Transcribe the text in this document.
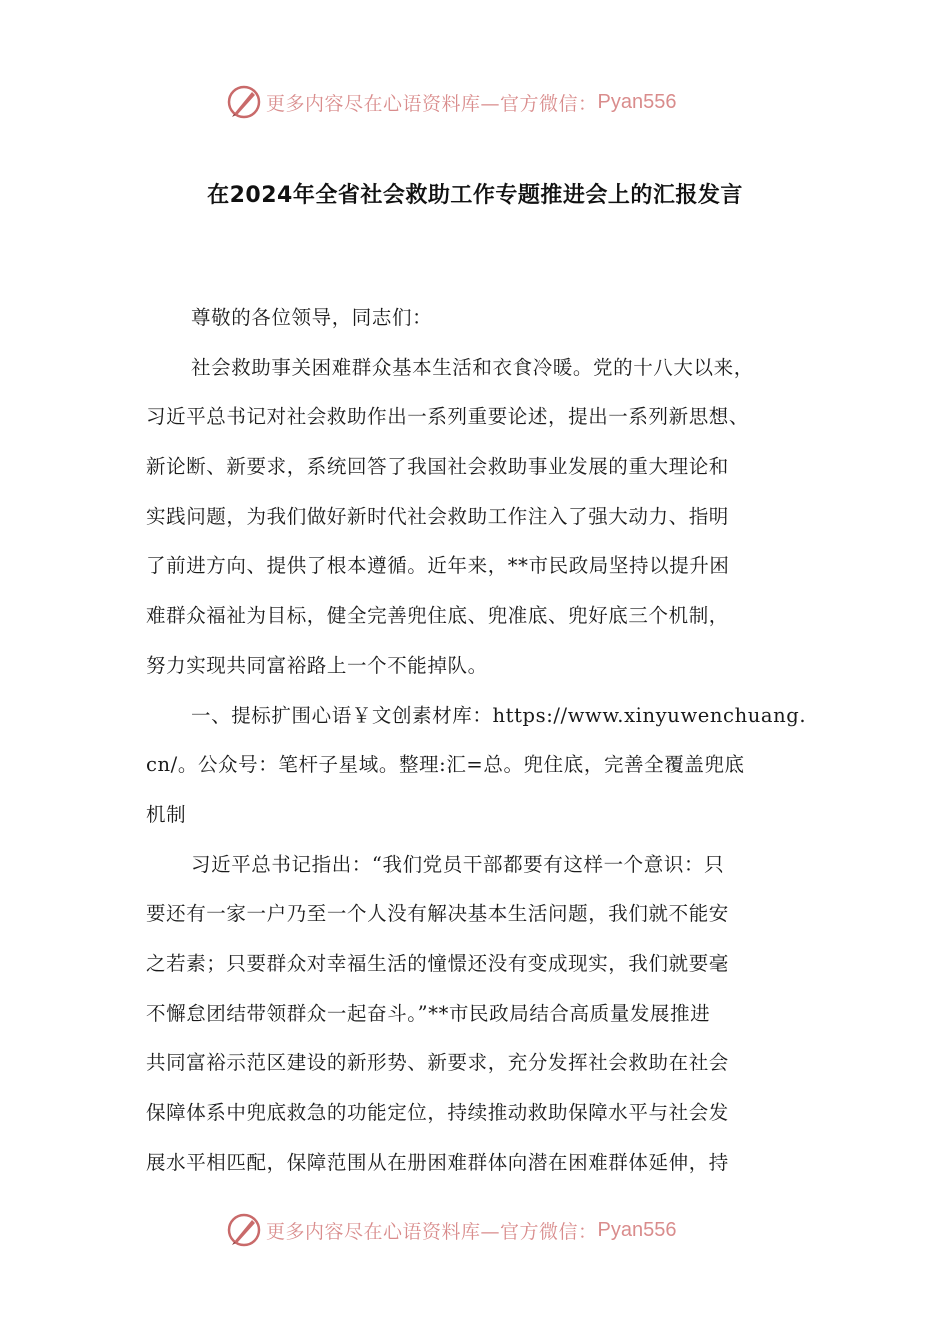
更多内容尽在心语资料库—官方微信： Pyan556
在2024年全省社会救助工作专题推进会上的汇报发言
尊敬的各位领导，同志们：
社会救助事关困难群众基本生活和衣食冷暖。党的十八大以来，
习近平总书记对社会救助作出一系列重要论述，提出一系列新思想、
新论断、新要求，系统回答了我国社会救助事业发展的重大理论和
实践问题，为我们做好新时代社会救助工作注入了强大动力、指明
了前进方向、提供了根本遵循。近年来，**市民政局坚持以提升困
难群众福祉为目标，健全完善兜住底、兜准底、兜好底三个机制，
努力实现共同富裕路上一个不能掉队。
一、提标扩围心语￥文创素材库：https://www.xinyuwenchuang.
cn/。公众号：笔杆子星域。整理:汇=总。兜住底，完善全覆盖兜底
机制
习近平总书记指出：“我们党员干部都要有这样一个意识：只
要还有一家一户乃至一个人没有解决基本生活问题，我们就不能安
之若素；只要群众对幸福生活的憧憬还没有变成现实，我们就要毫
不懈怠团结带领群众一起奋斗。”**市民政局结合高质量发展推进
共同富裕示范区建设的新形势、新要求，充分发挥社会救助在社会
保障体系中兜底救急的功能定位，持续推动救助保障水平与社会发
展水平相匹配，保障范围从在册困难群体向潜在困难群体延伸，持
更多内容尽在心语资料库—官方微信： Pyan556
